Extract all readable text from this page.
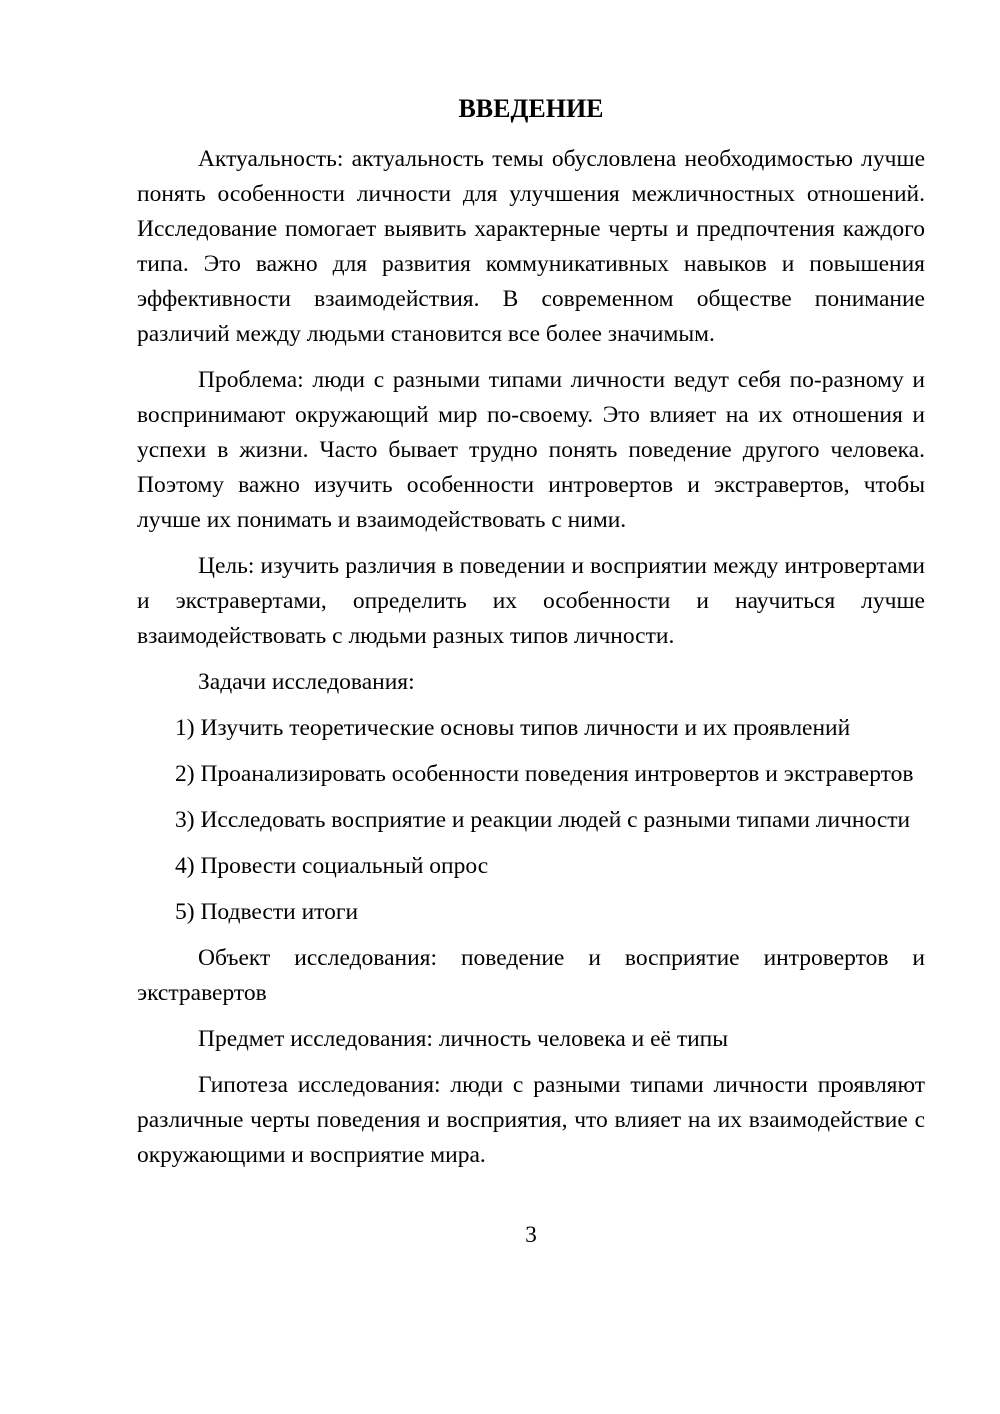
ВВЕДЕНИЕ

Актуальность: актуальность темы обусловлена необходимостью лучше понять особенности личности для улучшения межличностных отношений. Исследование помогает выявить характерные черты и предпочтения каждого типа. Это важно для развития коммуникативных навыков и повышения эффективности взаимодействия. В современном обществе понимание различий между людьми становится все более значимым.

Проблема: люди с разными типами личности ведут себя по-разному и воспринимают окружающий мир по-своему. Это влияет на их отношения и успехи в жизни. Часто бывает трудно понять поведение другого человека. Поэтому важно изучить особенности интровертов и экстравертов, чтобы лучше их понимать и взаимодействовать с ними.

Цель: изучить различия в поведении и восприятии между интровертами и экстравертами, определить их особенности и научиться лучше взаимодействовать с людьми разных типов личности.

Задачи исследования:

1) Изучить теоретические основы типов личности и их проявлений

2) Проанализировать особенности поведения интровертов и экстравертов

3) Исследовать восприятие и реакции людей с разными типами личности

4) Провести социальный опрос

5) Подвести итоги

Объект исследования: поведение и восприятие интровертов и экстравертов

Предмет исследования: личность человека и её типы

Гипотеза исследования: люди с разными типами личности проявляют различные черты поведения и восприятия, что влияет на их взаимодействие с окружающими и восприятие мира.

3
